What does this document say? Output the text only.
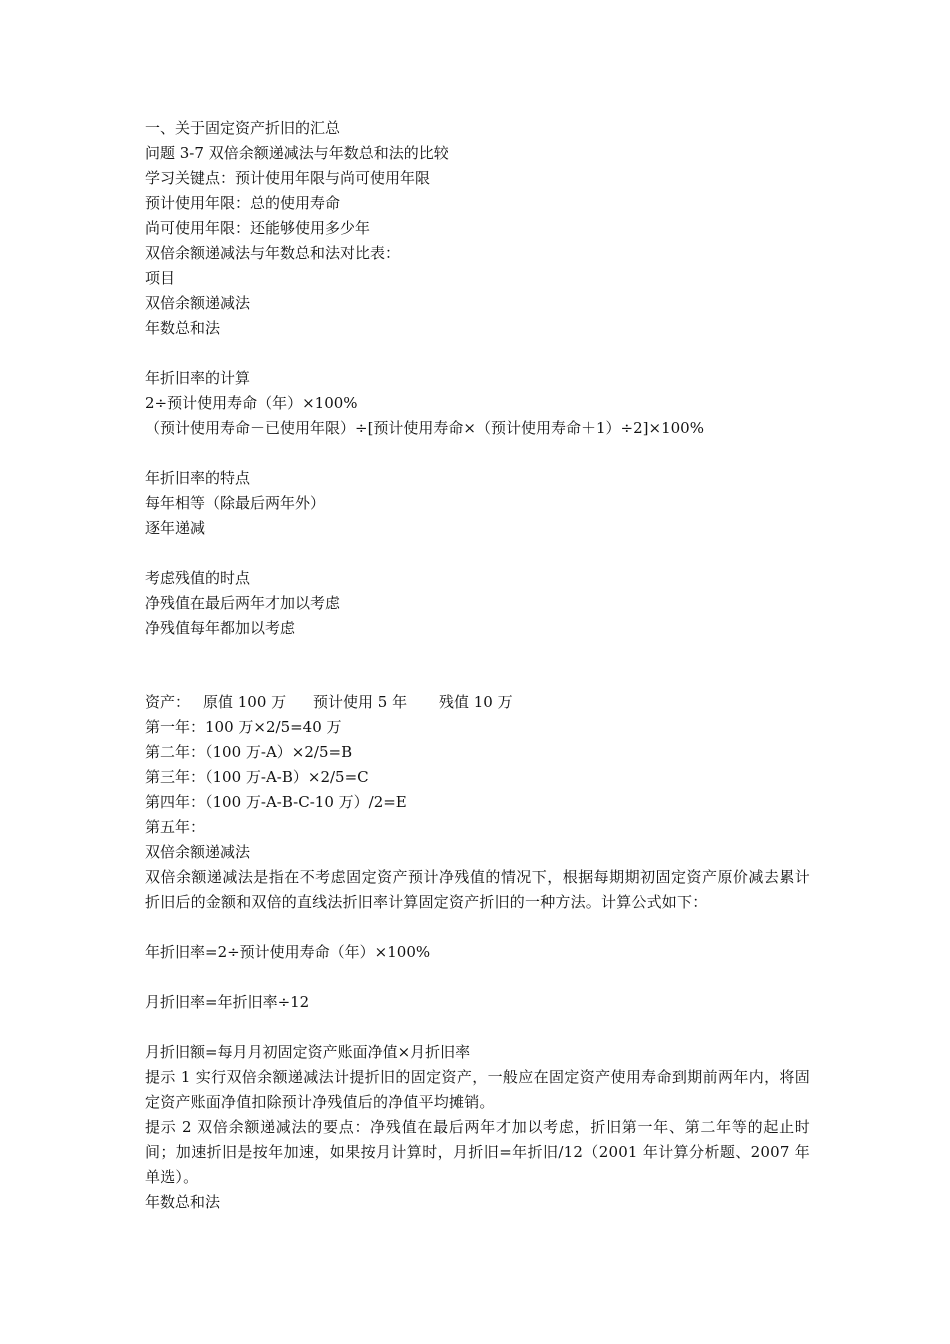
一、关于固定资产折旧的汇总
问题 3-7 双倍余额递减法与年数总和法的比较
学习关键点：预计使用年限与尚可使用年限
预计使用年限：总的使用寿命
尚可使用年限：还能够使用多少年
双倍余额递减法与年数总和法对比表：
项目
双倍余额递减法
年数总和法
年折旧率的计算
2÷预计使用寿命（年）×100%
（预计使用寿命－已使用年限）÷[预计使用寿命×（预计使用寿命＋1）÷2]×100%
年折旧率的特点
每年相等（除最后两年外）
逐年递减
考虑残值的时点
净残值在最后两年才加以考虑
净残值每年都加以考虑
资产： 原值 100 万 预计使用 5 年 残值 10 万
第一年：100 万×2/5=40 万
第二年：（100 万-A）×2/5=B
第三年：（100 万-A-B）×2/5=C
第四年：（100 万-A-B-C-10 万）/2=E
第五年：
双倍余额递减法
双倍余额递减法是指在不考虑固定资产预计净残值的情况下，根据每期期初固定资产原价减去累计折旧后的金额和双倍的直线法折旧率计算固定资产折旧的一种方法。计算公式如下：
年折旧率=2÷预计使用寿命（年）×100%
月折旧率=年折旧率÷12
月折旧额=每月月初固定资产账面净值×月折旧率
提示 1 实行双倍余额递减法计提折旧的固定资产，一般应在固定资产使用寿命到期前两年内，将固定资产账面净值扣除预计净残值后的净值平均摊销。
提示 2 双倍余额递减法的要点：净残值在最后两年才加以考虑，折旧第一年、第二年等的起止时间；加速折旧是按年加速，如果按月计算时，月折旧=年折旧/12（2001 年计算分析题、2007 年单选）。
年数总和法
